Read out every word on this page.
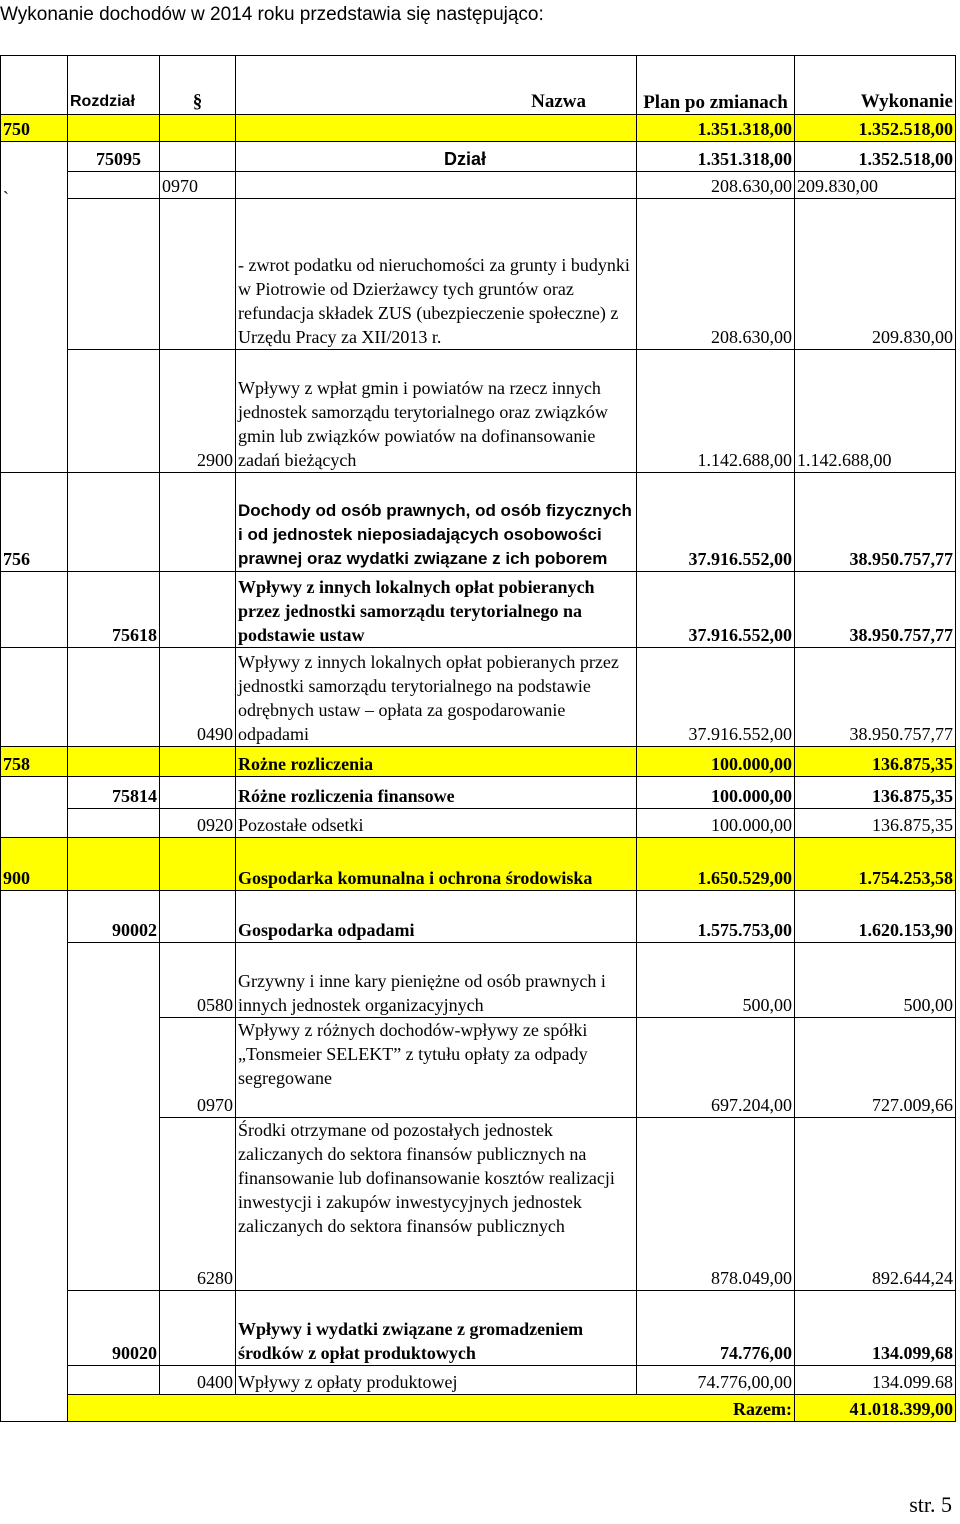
Wykonanie dochodów w 2014 roku przedstawia się następująco:
	Rozdział	§	Nazwa	Plan po zmianach	Wykonanie	
750				1.351.318,00	1.352.518,00	
`	75095		Dział	1.351.318,00	1.352.518,00	
		0970		208.630,00	209.830,00	
			- zwrot podatku od nieruchomości za grunty i budynki w Piotrowie od Dzierżawcy tych gruntów oraz refundacja składek ZUS (ubezpieczenie społeczne) z Urzędu Pracy za XII/2013 r.	208.630,00	209.830,00	
		2900	Wpływy z wpłat gmin i powiatów na rzecz innych jednostek samorządu terytorialnego oraz związków gmin lub związków powiatów na dofinansowanie zadań bieżących	1.142.688,00	1.142.688,00	
756			Dochody od osób prawnych, od osób fizycznych i od jednostek nieposiadających osobowości prawnej oraz wydatki związane z ich poborem	37.916.552,00	38.950.757,77	
	75618		Wpływy z innych lokalnych opłat pobieranych przez jednostki samorządu terytorialnego na podstawie ustaw	37.916.552,00	38.950.757,77	
		0490	Wpływy z innych lokalnych opłat pobieranych przez jednostki samorządu terytorialnego na podstawie odrębnych ustaw – opłata za gospodarowanie odpadami	37.916.552,00	38.950.757,77	
758			Rożne rozliczenia	100.000,00	136.875,35	
	75814		Różne rozliczenia finansowe	100.000,00	136.875,35	
		0920	Pozostałe odsetki	100.000,00	136.875,35	
900			Gospodarka komunalna i ochrona środowiska	1.650.529,00	1.754.253,58	
	90002		Gospodarka odpadami	1.575.753,00	1.620.153,90	
		0580	Grzywny i inne kary pieniężne od osób prawnych i innych jednostek organizacyjnych	500,00	500,00	
		0970	Wpływy z różnych dochodów-wpływy ze spółki „Tonsmeier SELEKT” z tytułu opłaty za odpady segregowane	697.204,00	727.009,66	
		6280	Środki otrzymane od pozostałych jednostek zaliczanych do sektora finansów publicznych na finansowanie lub dofinansowanie kosztów realizacji inwestycji i zakupów inwestycyjnych jednostek zaliczanych do sektora finansów publicznych	878.049,00	892.644,24	
	90020		Wpływy i wydatki związane z gromadzeniem środków z opłat produktowych	74.776,00	134.099,68	
		0400	Wpływy z opłaty produktowej	74.776,00,00	134.099.68	
	Razem:				41.018.399,00	
str. 5
